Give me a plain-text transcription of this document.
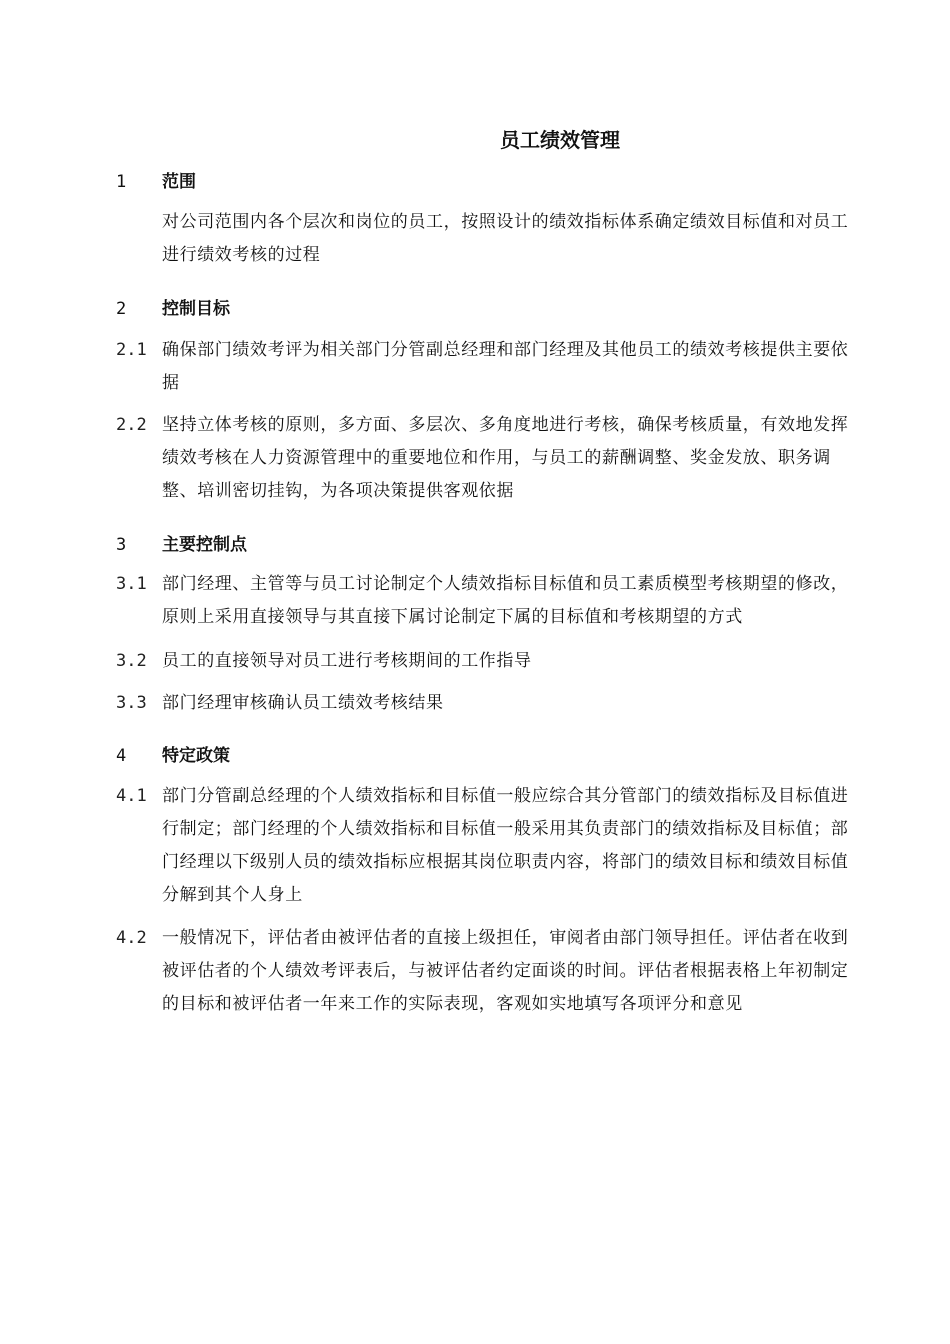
员工绩效管理
1 范围
对公司范围内各个层次和岗位的员工，按照设计的绩效指标体系确定绩效目标值和对员工进行绩效考核的过程
2 控制目标
2.1 确保部门绩效考评为相关部门分管副总经理和部门经理及其他员工的绩效考核提供主要依据
2.2 坚持立体考核的原则，多方面、多层次、多角度地进行考核，确保考核质量，有效地发挥绩效考核在人力资源管理中的重要地位和作用，与员工的薪酬调整、奖金发放、职务调整、培训密切挂钩，为各项决策提供客观依据
3 主要控制点
3.1 部门经理、主管等与员工讨论制定个人绩效指标目标值和员工素质模型考核期望的修改，原则上采用直接领导与其直接下属讨论制定下属的目标值和考核期望的方式
3.2 员工的直接领导对员工进行考核期间的工作指导
3.3 部门经理审核确认员工绩效考核结果
4 特定政策
4.1 部门分管副总经理的个人绩效指标和目标值一般应综合其分管部门的绩效指标及目标值进行制定；部门经理的个人绩效指标和目标值一般采用其负责部门的绩效指标及目标值；部门经理以下级别人员的绩效指标应根据其岗位职责内容，将部门的绩效目标和绩效目标值分解到其个人身上
4.2 一般情况下，评估者由被评估者的直接上级担任，审阅者由部门领导担任。评估者在收到被评估者的个人绩效考评表后，与被评估者约定面谈的时间。评估者根据表格上年初制定的目标和被评估者一年来工作的实际表现，客观如实地填写各项评分和意见
